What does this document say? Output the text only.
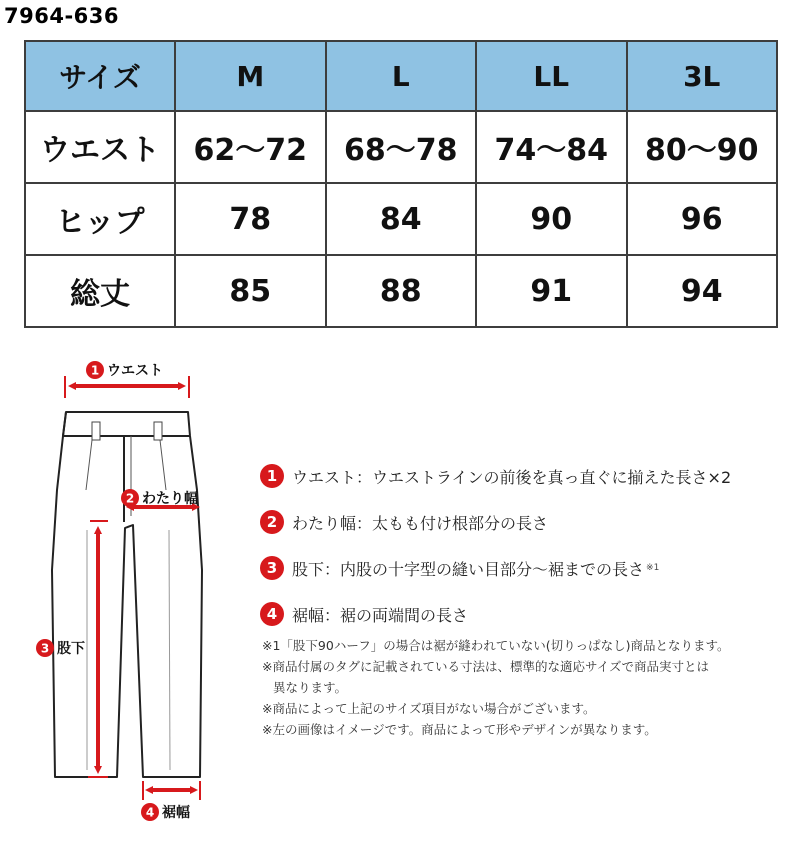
7964-636
サイズ	M	L	LL	3L
ウエスト	62〜72	68〜78	74〜84	80〜90
ヒップ	78	84	90	96
総丈	85	88	91	94
1 ウエスト
2 わたり幅
3 股下
4 裾幅
1 ウエスト ：ウエストラインの前後を真っ直ぐに揃えた長さ×2
2 わたり幅 ：太もも付け根部分の長さ
3 股下 ：内股の十字型の縫い目部分〜裾までの長さ ※1
4 裾幅 ：裾の両端間の長さ

※1「股下90ハーフ」の場合は裾が縫われていない(切りっぱなし)商品となります。

※商品付属のタグに記載されている寸法は、標準的な適応サイズで商品実寸とは

異なります。

※商品によって上記のサイズ項目がない場合がございます。

※左の画像はイメージです。商品によって形やデザインが異なります。
